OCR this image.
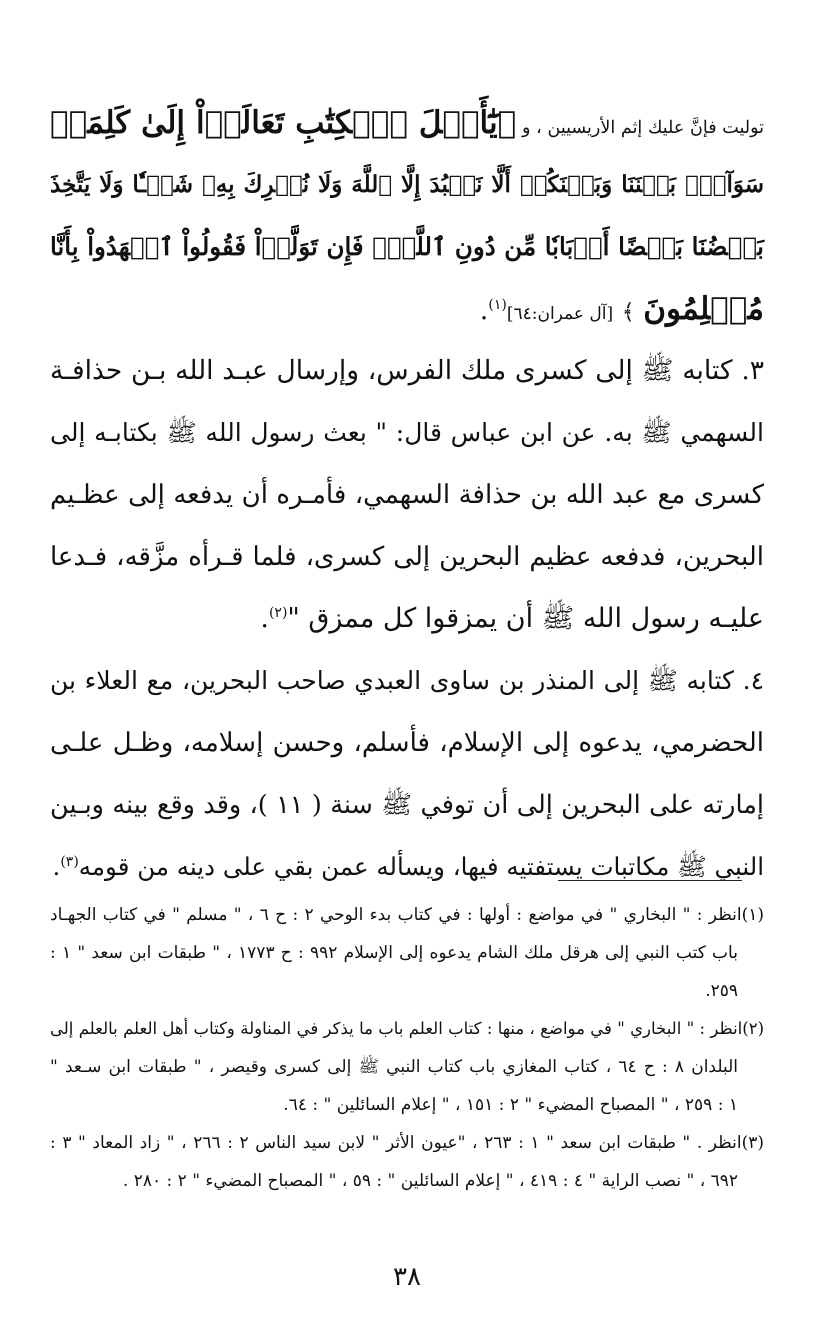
توليت فإنَّ عليك إثم الأريسيين ، و ﴿يَٰٓأَهۡلَ ٱلۡكِتَٰبِ تَعَالَوۡاْ إِلَىٰ كَلِمَةٖ
سَوَآءِۭ بَيۡنَنَا وَبَيۡنَكُمۡ أَلَّا نَعۡبُدَ إِلَّا ٱللَّهَ وَلَا نُشۡرِكَ بِهِۦ شَيۡـٔٗا وَلَا يَتَّخِذَ
بَعۡضُنَا بَعۡضًا أَرۡبَابٗا مِّن دُونِ ٱللَّهِۚ فَإِن تَوَلَّوۡاْ فَقُولُواْ ٱشۡهَدُواْ بِأَنَّا
مُسۡلِمُونَ ﴾ [آل عمران:٦٤]$^{(١)}$.
٣. كتابه ﷺ إلى كسرى ملك الفرس، وإرسال عبـد الله بـن حذافـة
السهمي ﷺ به. عن ابن عباس قال: " بعث رسول الله ﷺ بكتابـه إلى
كسرى مع عبد الله بن حذافة السهمي، فأمـره أن يدفعه إلى عظـيم
البحرين، فدفعه عظيم البحرين إلى كسرى، فلما قـرأه مزَّقه، فـدعا
عليـه رسول الله ﷺ أن يمزقوا كل ممزق "$^{(٢)}$.
٤. كتابه ﷺ إلى المنذر بن ساوى العبدي صاحب البحرين، مع العلاء بن
الحضرمي، يدعوه إلى الإسلام، فأسلم، وحسن إسلامه، وظـل علـى
إمارته على البحرين إلى أن توفي ﷺ سنة ( ١١ )، وقد وقع بينه وبـين
النبي ﷺ مكاتبات يستفتيه فيها، ويسأله عمن بقي على دينه من قومه$^{(٣)}$.
(١)انظر : " البخاري " في مواضع : أولها : في كتاب بدء الوحي ٢ : ح ٦ ، " مسلم " في كتاب الجهـاد
باب كتب النبي إلى هرقل ملك الشام يدعوه إلى الإسلام ٩٩٢ : ح ١٧٧٣ ، " طبقات ابن سعد " ١ :
٢٥٩.
(٢)انظر : " البخاري " في مواضع ، منها : كتاب العلم باب ما يذكر في المناولة وكتاب أهل العلم بالعلم إلى
البلدان ٨ : ح ٦٤ ، كتاب المغازي باب كتاب النبي ﷺ إلى كسرى وقيصر ، " طبقات ابن سـعد "
١ : ٢٥٩ ، " المصباح المضيء " ٢ : ١٥١ ، " إعلام السائلين " : ٦٤.
(٣)انظر . " طبقات ابن سعد " ١ : ٢٦٣ ، "عيون الأثر " لابن سيد الناس ٢ : ٢٦٦ ، " زاد المعاد " ٣ :
٦٩٢ ، " نصب الراية " ٤ : ٤١٩ ، " إعلام السائلين " : ٥٩ ، " المصباح المضيء " ٢ : ٢٨٠ .
٣٨
